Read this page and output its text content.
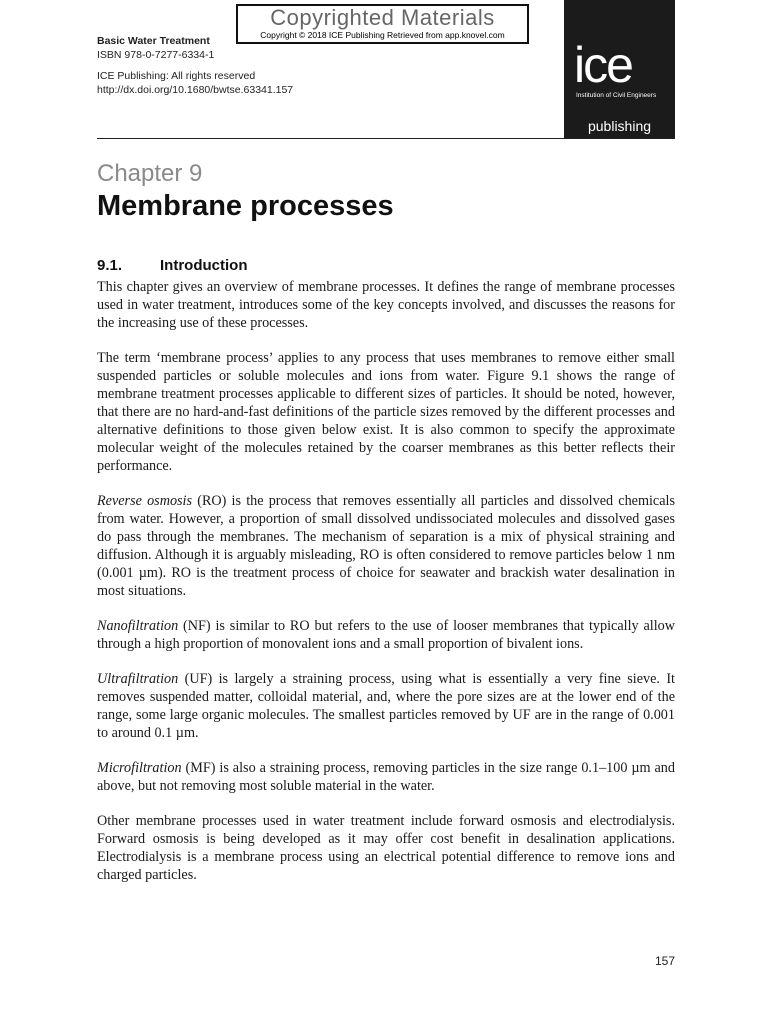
Basic Water Treatment
ISBN 978-0-7277-6334-1
ICE Publishing: All rights reserved
http://dx.doi.org/10.1680/bwtse.63341.157
Copyrighted Materials
Copyright © 2018 ICE Publishing Retrieved from app.knovel.com
ice
Institution of Civil Engineers
publishing
Chapter 9
Membrane processes
9.1.	Introduction

This chapter gives an overview of membrane processes. It defines the range of membrane processes used in water treatment, introduces some of the key concepts involved, and discusses the reasons for the increasing use of these processes.

The term ‘membrane process’ applies to any process that uses membranes to remove either small suspended particles or soluble molecules and ions from water. Figure 9.1 shows the range of membrane treatment processes applicable to different sizes of particles. It should be noted, however, that there are no hard-and-fast definitions of the particle sizes removed by the different processes and alternative definitions to those given below exist. It is also common to specify the approximate molecular weight of the molecules retained by the coarser membranes as this better reflects their performance.

Reverse osmosis (RO) is the process that removes essentially all particles and dissolved chemicals from water. However, a proportion of small dissolved undissociated molecules and dissolved gases do pass through the membranes. The mechanism of separation is a mix of physical straining and diffusion. Although it is arguably misleading, RO is often considered to remove particles below 1 nm (0.001 µm). RO is the treatment process of choice for seawater and brackish water desalination in most situations.

Nanofiltration (NF) is similar to RO but refers to the use of looser membranes that typically allow through a high proportion of monovalent ions and a small proportion of bivalent ions.

Ultrafiltration (UF) is largely a straining process, using what is essentially a very fine sieve. It removes suspended matter, colloidal material, and, where the pore sizes are at the lower end of the range, some large organic molecules. The smallest particles removed by UF are in the range of 0.001 to around 0.1 µm.

Microfiltration (MF) is also a straining process, removing particles in the size range 0.1–100 µm and above, but not removing most soluble material in the water.

Other membrane processes used in water treatment include forward osmosis and electrodialysis. Forward osmosis is being developed as it may offer cost benefit in desalination applications. Electrodialysis is a membrane process using an electrical potential difference to remove ions and charged particles.

157
